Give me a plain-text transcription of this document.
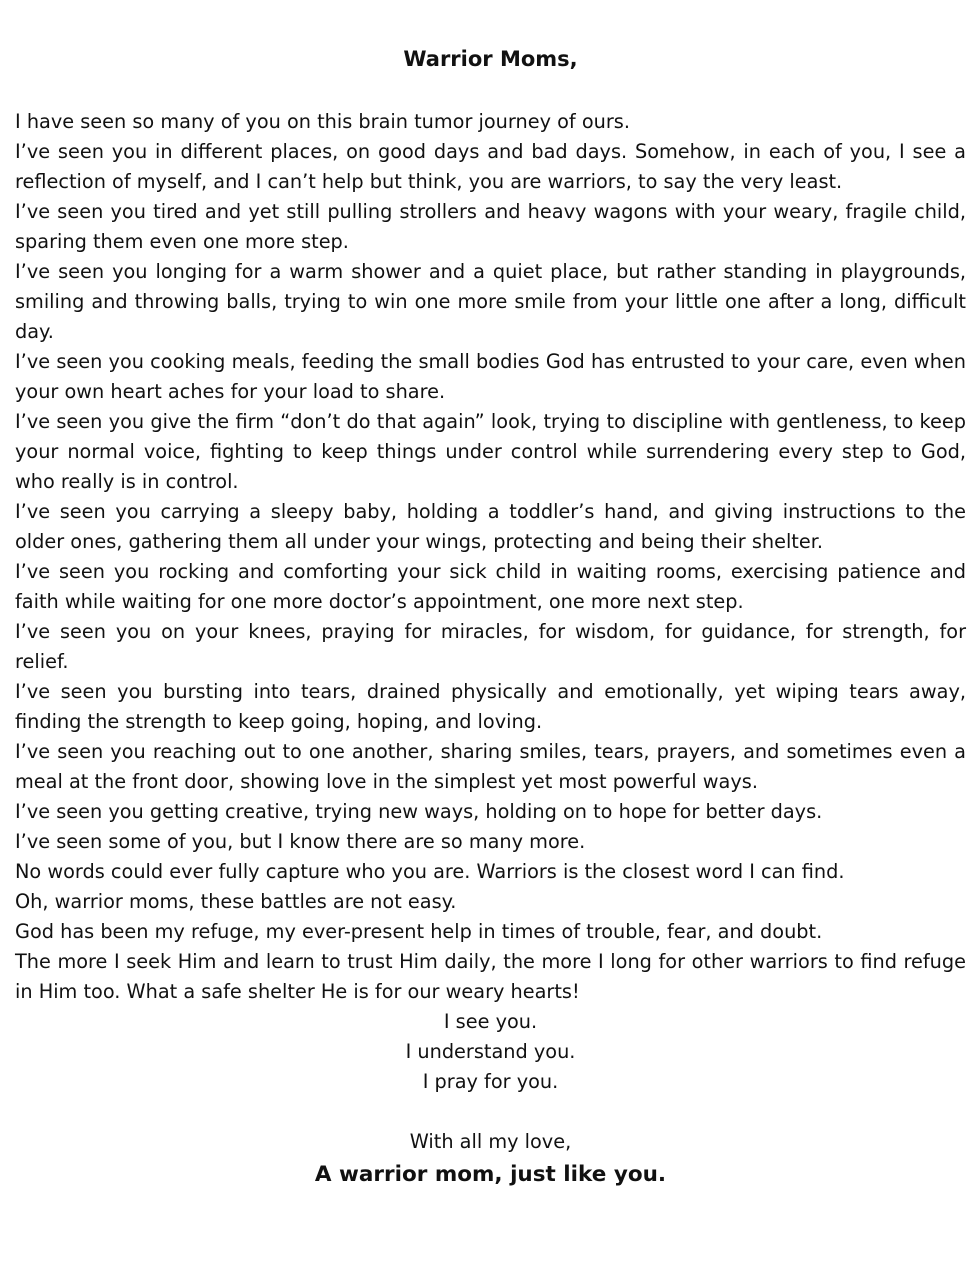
Warrior Moms,

I have seen so many of you on this brain tumor journey of ours.

I’ve seen you in different places, on good days and bad days. Somehow, in each of you, I see a reflection of myself, and I can’t help but think, you are warriors, to say the very least.

I’ve seen you tired and yet still pulling strollers and heavy wagons with your weary, fragile child, sparing them even one more step.

I’ve seen you longing for a warm shower and a quiet place, but rather standing in playgrounds, smiling and throwing balls, trying to win one more smile from your little one after a long, difficult day.

I’ve seen you cooking meals, feeding the small bodies God has entrusted to your care, even when your own heart aches for your load to share.

I’ve seen you give the firm “don’t do that again” look, trying to discipline with gentleness, to keep your normal voice, fighting to keep things under control while surrendering every step to God, who really is in control.

I’ve seen you carrying a sleepy baby, holding a toddler’s hand, and giving instructions to the older ones, gathering them all under your wings, protecting and being their shelter.

I’ve seen you rocking and comforting your sick child in waiting rooms, exercising patience and faith while waiting for one more doctor’s appointment, one more next step.

I’ve seen you on your knees, praying for miracles, for wisdom, for guidance, for strength, for relief.

I’ve seen you bursting into tears, drained physically and emotionally, yet wiping tears away, finding the strength to keep going, hoping, and loving.

I’ve seen you reaching out to one another, sharing smiles, tears, prayers, and sometimes even a meal at the front door, showing love in the simplest yet most powerful ways.

I’ve seen you getting creative, trying new ways, holding on to hope for better days.

I’ve seen some of you, but I know there are so many more.

No words could ever fully capture who you are. Warriors is the closest word I can find.

Oh, warrior moms, these battles are not easy.

God has been my refuge, my ever-present help in times of trouble, fear, and doubt.

The more I seek Him and learn to trust Him daily, the more I long for other warriors to find refuge in Him too. What a safe shelter He is for our weary hearts!

I see you.
I understand you.
I pray for you.
With all my love,
A warrior mom, just like you.
